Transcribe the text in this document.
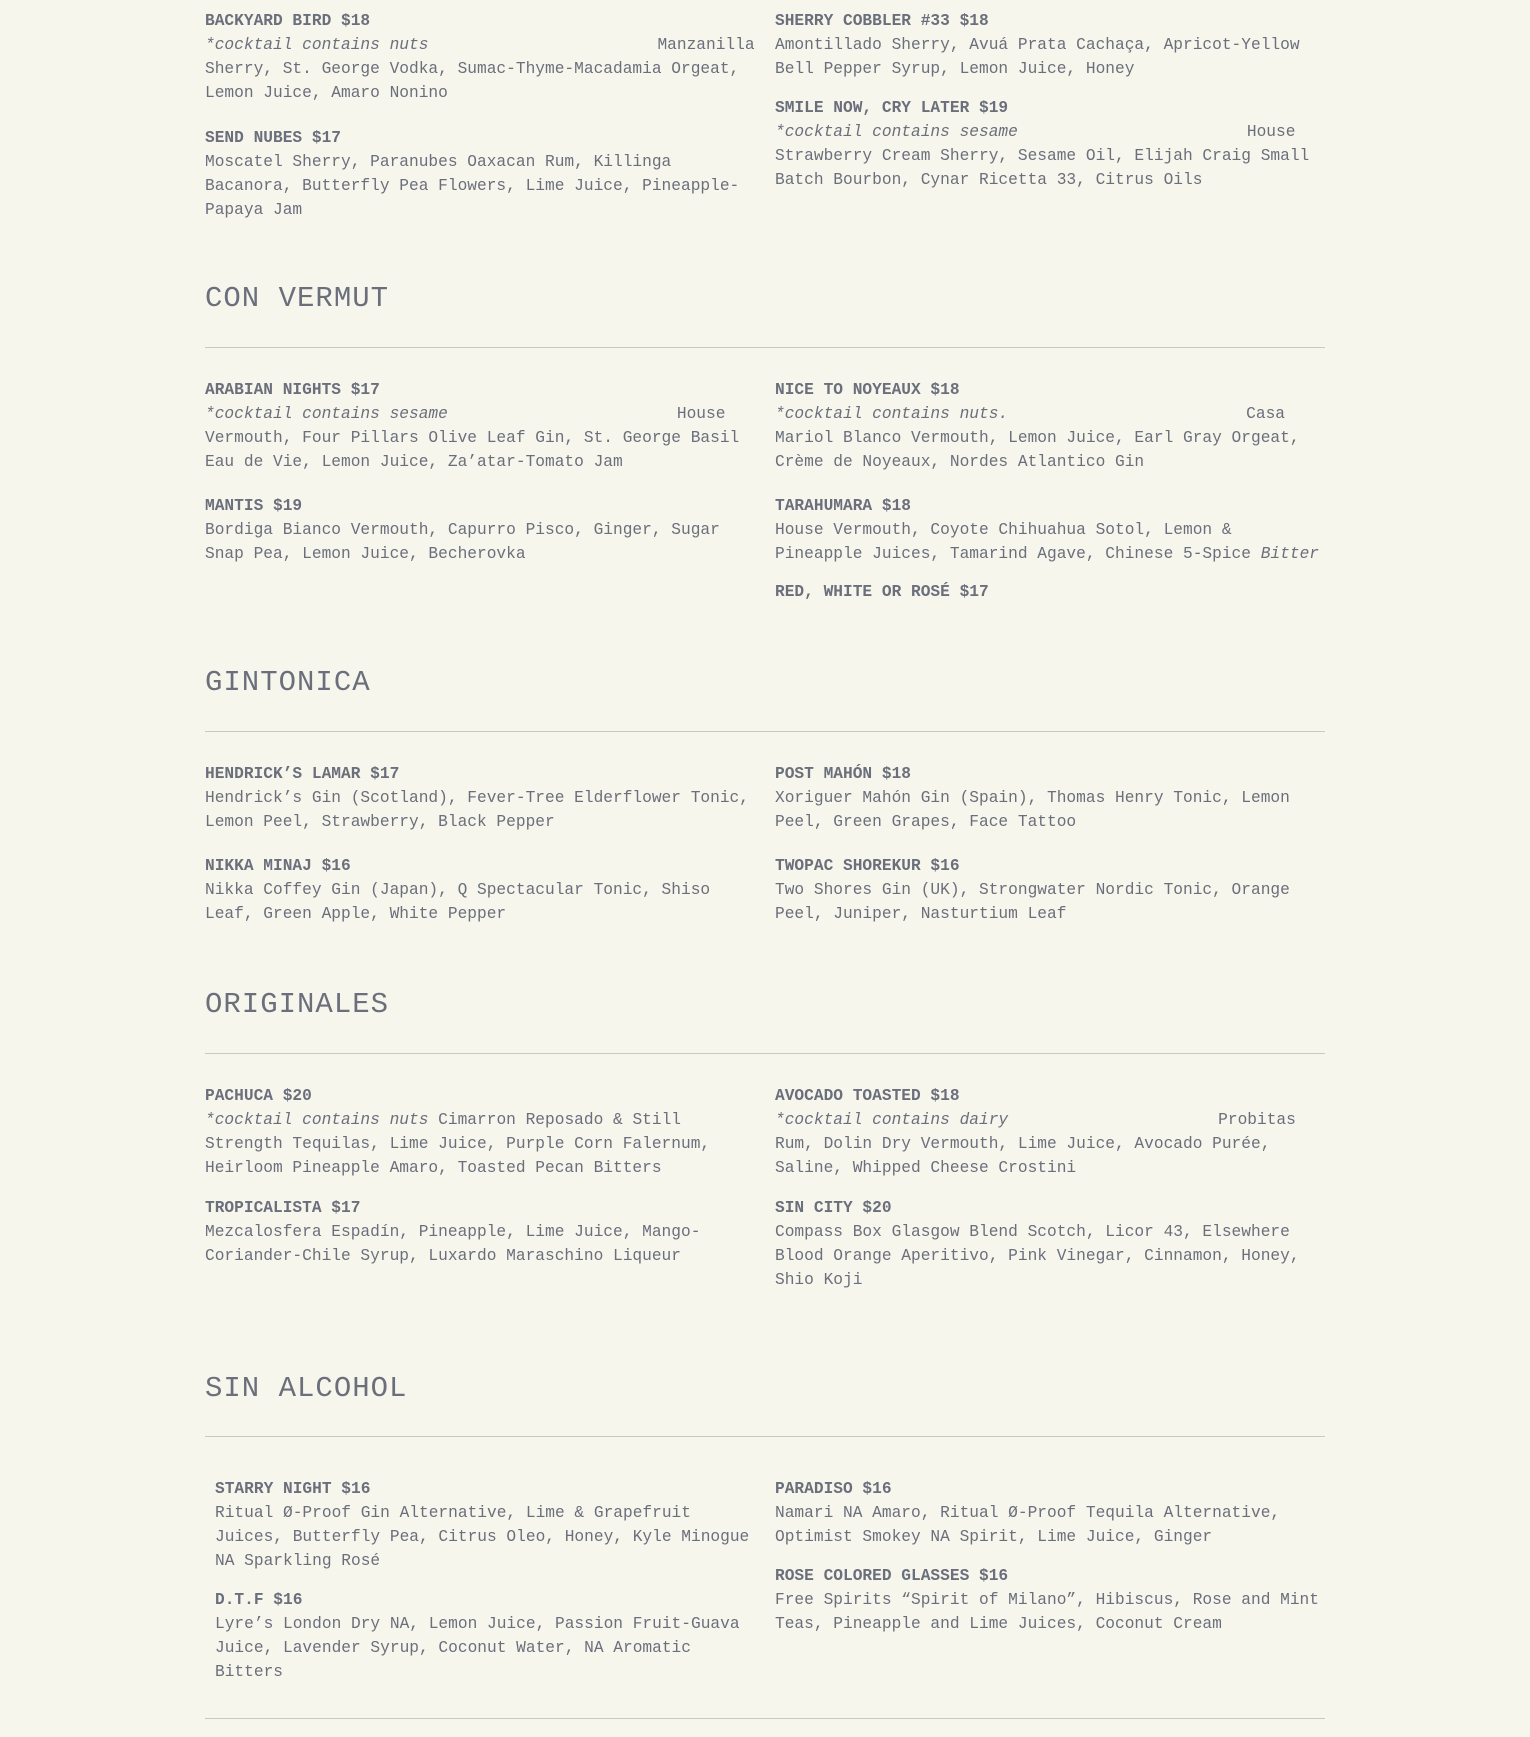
BACKYARD BIRD $18
*cocktail contains nuts	Manzanilla
Sherry, St. George Vodka, Sumac-Thyme-Macadamia Orgeat, Lemon Juice, Amaro Nonino
SEND NUBES $17
Moscatel Sherry, Paranubes Oaxacan Rum, Killinga Bacanora, Butterfly Pea Flowers, Lime Juice, Pineapple-Papaya Jam
SHERRY COBBLER #33 $18
Amontillado Sherry, Avuá Prata Cachaça, Apricot-Yellow Bell Pepper Syrup, Lemon Juice, Honey
SMILE NOW, CRY LATER $19
*cocktail contains sesame	House
Strawberry Cream Sherry, Sesame Oil, Elijah Craig Small Batch Bourbon, Cynar Ricetta 33, Citrus Oils
CON VERMUT
ARABIAN NIGHTS $17
*cocktail contains sesame	House
Vermouth, Four Pillars Olive Leaf Gin, St. George Basil Eau de Vie, Lemon Juice, Za’atar-Tomato Jam
MANTIS $19
Bordiga Bianco Vermouth, Capurro Pisco, Ginger, Sugar Snap Pea, Lemon Juice, Becherovka
NICE TO NOYEAUX $18
*cocktail contains nuts.	Casa
Mariol Blanco Vermouth, Lemon Juice, Earl Gray Orgeat, Crème de Noyeaux, Nordes Atlantico Gin
TARAHUMARA $18
House Vermouth, Coyote Chihuahua Sotol, Lemon & Pineapple Juices, Tamarind Agave, Chinese 5-Spice Bitter
RED, WHITE OR ROSÉ $17
GINTONICA
HENDRICK’S LAMAR $17
Hendrick’s Gin (Scotland), Fever-Tree Elderflower Tonic, Lemon Peel, Strawberry, Black Pepper
NIKKA MINAJ $16
Nikka Coffey Gin (Japan), Q Spectacular Tonic, Shiso Leaf, Green Apple, White Pepper
POST MAHÓN $18
Xoriguer Mahón Gin (Spain), Thomas Henry Tonic, Lemon Peel, Green Grapes, Face Tattoo
TWOPAC SHOREKUR $16
Two Shores Gin (UK), Strongwater Nordic Tonic, Orange Peel, Juniper, Nasturtium Leaf
ORIGINALES
PACHUCA $20
*cocktail contains nuts Cimarron Reposado & Still
Strength Tequilas, Lime Juice, Purple Corn Falernum, Heirloom Pineapple Amaro, Toasted Pecan Bitters
TROPICALISTA $17
Mezcalosfera Espadín, Pineapple, Lime Juice, Mango-Coriander-Chile Syrup, Luxardo Maraschino Liqueur
AVOCADO TOASTED $18
*cocktail contains dairy	Probitas
Rum, Dolin Dry Vermouth, Lime Juice, Avocado Purée, Saline, Whipped Cheese Crostini
SIN CITY $20
Compass Box Glasgow Blend Scotch, Licor 43, Elsewhere Blood Orange Aperitivo, Pink Vinegar, Cinnamon, Honey, Shio Koji
SIN ALCOHOL
STARRY NIGHT $16
Ritual Ø-Proof Gin Alternative, Lime & Grapefruit Juices, Butterfly Pea, Citrus Oleo, Honey, Kyle Minogue NA Sparkling Rosé
D.T.F $16
Lyre’s London Dry NA, Lemon Juice, Passion Fruit-Guava Juice, Lavender Syrup, Coconut Water, NA Aromatic Bitters
PARADISO $16
Namari NA Amaro, Ritual Ø-Proof Tequila Alternative, Optimist Smokey NA Spirit, Lime Juice, Ginger
ROSE COLORED GLASSES $16
Free Spirits “Spirit of Milano”, Hibiscus, Rose and Mint Teas, Pineapple and Lime Juices, Coconut Cream
